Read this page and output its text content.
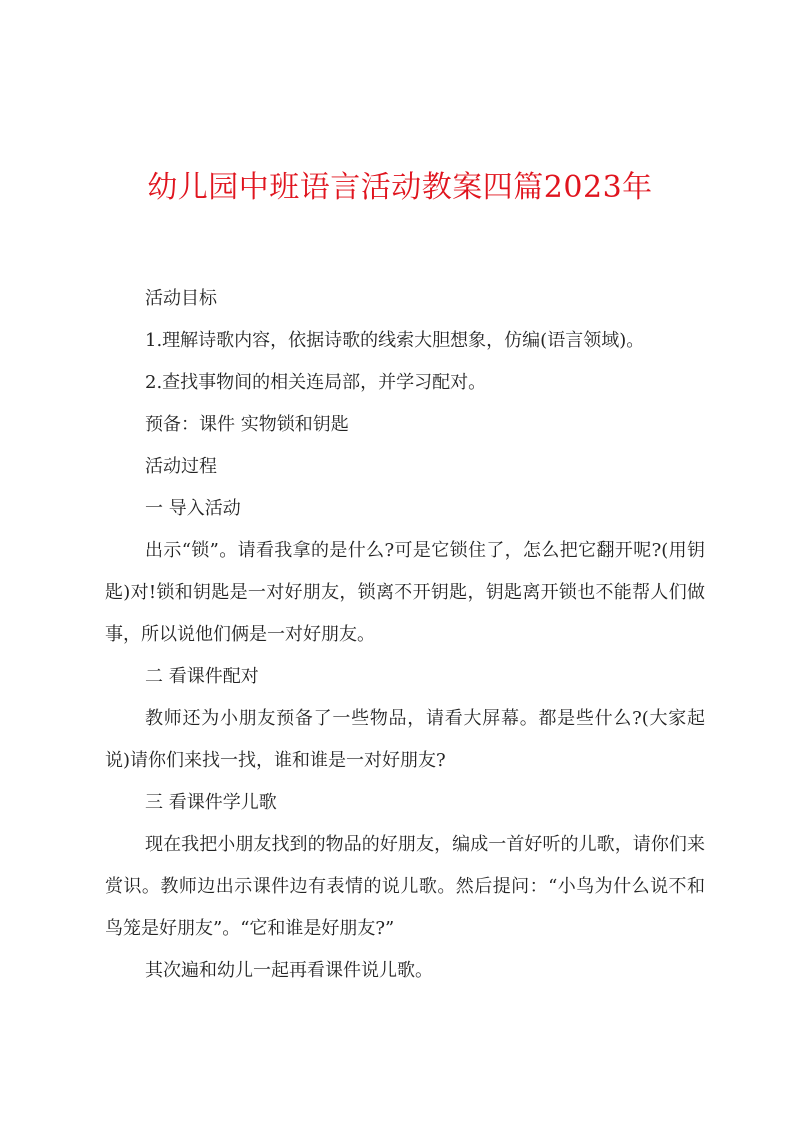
幼儿园中班语言活动教案四篇2023年

活动目标

1.理解诗歌内容，依据诗歌的线索大胆想象，仿编(语言领域)。

2.查找事物间的相关连局部，并学习配对。

预备：课件 实物锁和钥匙

活动过程

一 导入活动

出示“锁”。请看我拿的是什么?可是它锁住了，怎么把它翻开呢?(用钥匙)对!锁和钥匙是一对好朋友，锁离不开钥匙，钥匙离开锁也不能帮人们做事，所以说他们俩是一对好朋友。

二 看课件配对

教师还为小朋友预备了一些物品，请看大屏幕。都是些什么?(大家起说)请你们来找一找，谁和谁是一对好朋友?

三 看课件学儿歌

现在我把小朋友找到的物品的好朋友，编成一首好听的儿歌，请你们来赏识。教师边出示课件边有表情的说儿歌。然后提问：“小鸟为什么说不和鸟笼是好朋友”。“它和谁是好朋友?”

其次遍和幼儿一起再看课件说儿歌。
